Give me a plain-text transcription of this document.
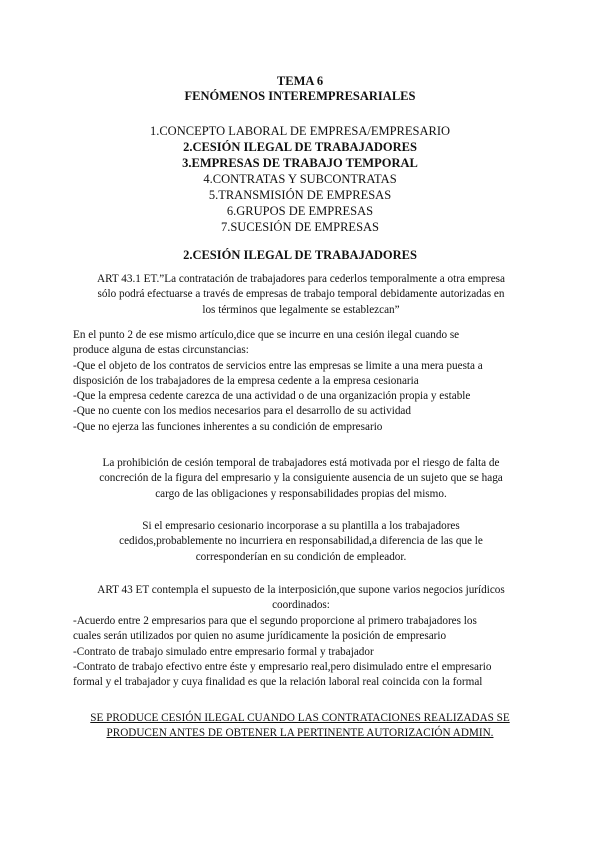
TEMA 6
FENÓMENOS INTEREMPRESARIALES
1.CONCEPTO LABORAL DE EMPRESA/EMPRESARIO
2.CESIÓN ILEGAL DE TRABAJADORES
3.EMPRESAS DE TRABAJO TEMPORAL
4.CONTRATAS Y SUBCONTRATAS
5.TRANSMISIÓN DE EMPRESAS
6.GRUPOS DE EMPRESAS
7.SUCESIÓN DE EMPRESAS
2.CESIÓN ILEGAL DE TRABAJADORES
ART 43.1 ET.”La contratación de trabajadores para cederlos temporalmente a otra empresa
sólo podrá efectuarse a través de empresas de trabajo temporal debidamente autorizadas en
los términos que legalmente se establezcan”
En el punto 2 de ese mismo artículo,dice que se incurre en una cesión ilegal cuando se
produce alguna de estas circunstancias:
-Que el objeto de los contratos de servicios entre las empresas se limite a una mera puesta a
disposición de los trabajadores de la empresa cedente a la empresa cesionaria
-Que la empresa cedente carezca de una actividad o de una organización propia y estable
-Que no cuente con los medios necesarios para el desarrollo de su actividad
-Que no ejerza las funciones inherentes a su condición de empresario
La prohibición de cesión temporal de trabajadores está motivada por el riesgo de falta de
concreción de la figura del empresario y la consiguiente ausencia de un sujeto que se haga
cargo de las obligaciones y responsabilidades propias del mismo.
Si el empresario cesionario incorporase a su plantilla a los trabajadores
cedidos,probablemente no incurriera en responsabilidad,a diferencia de las que le
corresponderían en su condición de empleador.
ART 43 ET contempla el supuesto de la interposición,que supone varios negocios jurídicos
coordinados:
-Acuerdo entre 2 empresarios para que el segundo proporcione al primero trabajadores los
cuales serán utilizados por quien no asume jurídicamente la posición de empresario
-Contrato de trabajo simulado entre empresario formal y trabajador
-Contrato de trabajo efectivo entre éste y empresario real,pero disimulado entre el empresario
formal y el trabajador y cuya finalidad es que la relación laboral real coincida con la formal
SE PRODUCE CESIÓN ILEGAL CUANDO LAS CONTRATACIONES REALIZADAS SE
PRODUCEN ANTES DE OBTENER LA PERTINENTE AUTORIZACIÓN ADMIN.
